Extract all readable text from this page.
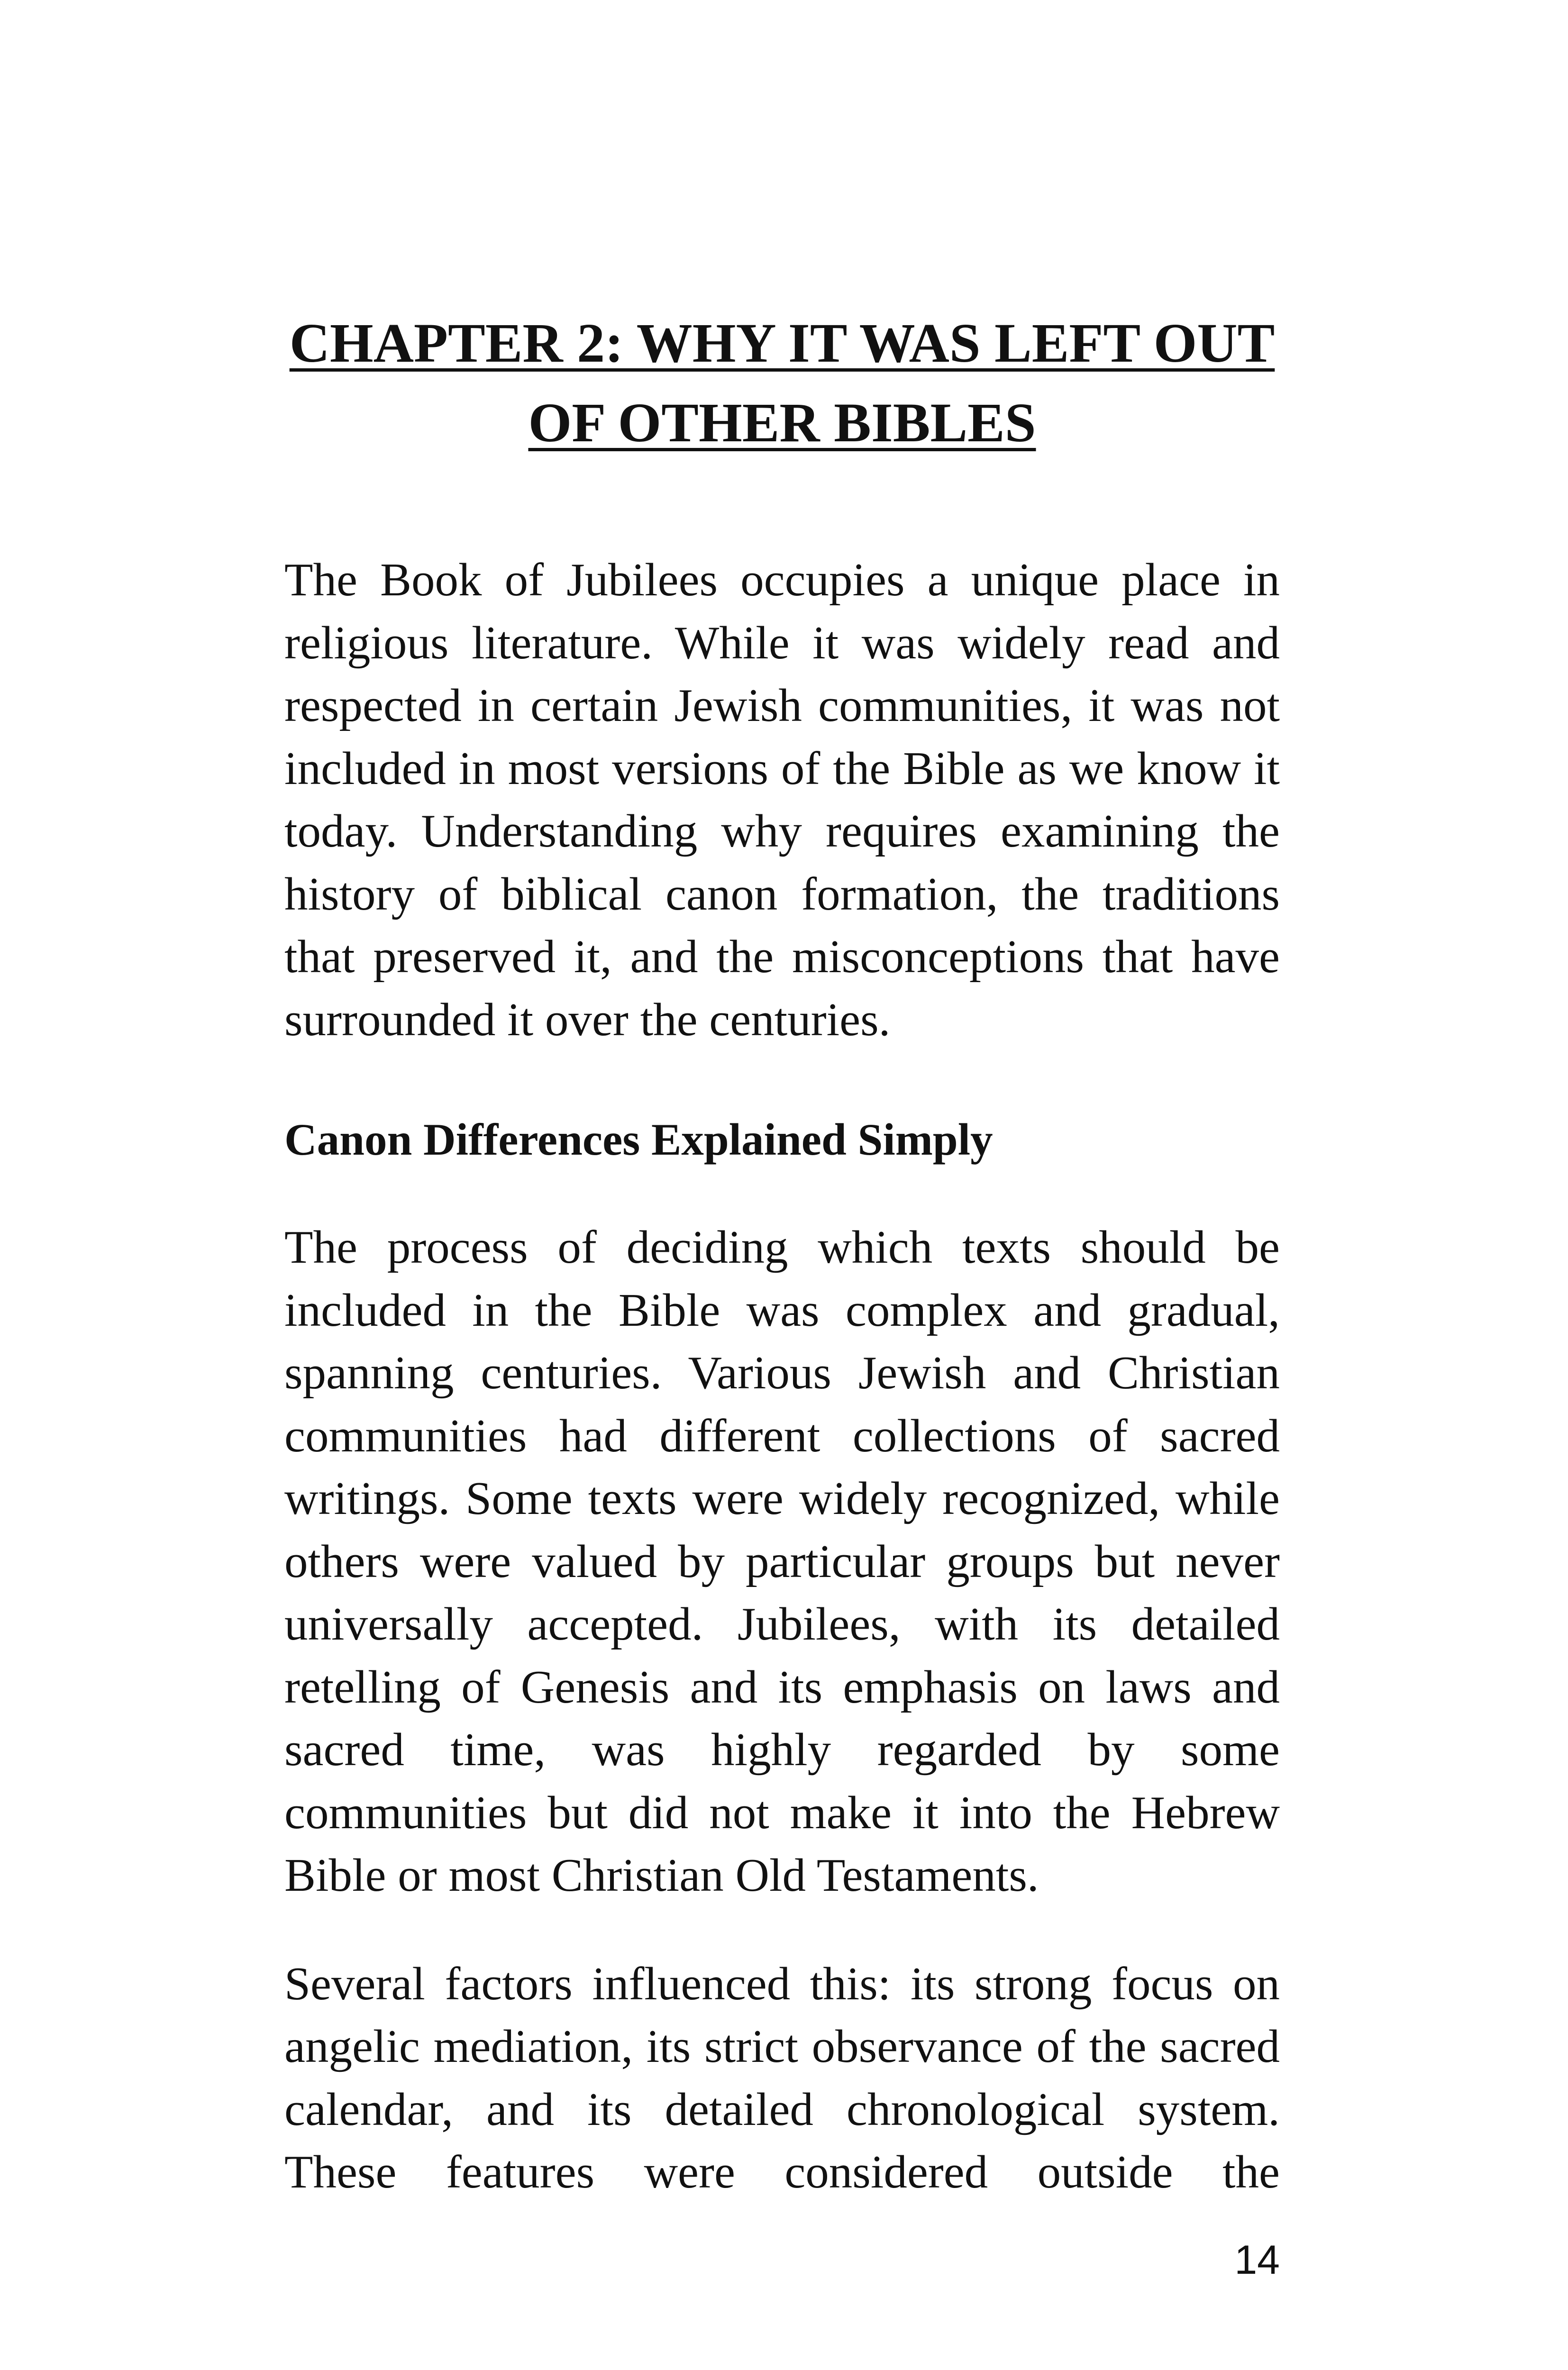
CHAPTER 2: WHY IT WAS LEFT OUT
OF OTHER BIBLES

The Book of Jubilees occupies a unique place in religious literature. While it was widely read and respected in certain Jewish communities, it was not included in most versions of the Bible as we know it today. Understanding why requires examining the history of biblical canon formation, the traditions that preserved it, and the misconceptions that have surrounded it over the centuries.

Canon Differences Explained Simply

The process of deciding which texts should be included in the Bible was complex and gradual, spanning centuries. Various Jewish and Christian communities had different collections of sacred writings. Some texts were widely recognized, while others were valued by particular groups but never universally accepted. Jubilees, with its detailed retelling of Genesis and its emphasis on laws and sacred time, was highly regarded by some communities but did not make it into the Hebrew Bible or most Christian Old Testaments.

Several factors influenced this: its strong focus on angelic mediation, its strict observance of the sacred calendar, and its detailed chronological system. These features were considered outside the

14
